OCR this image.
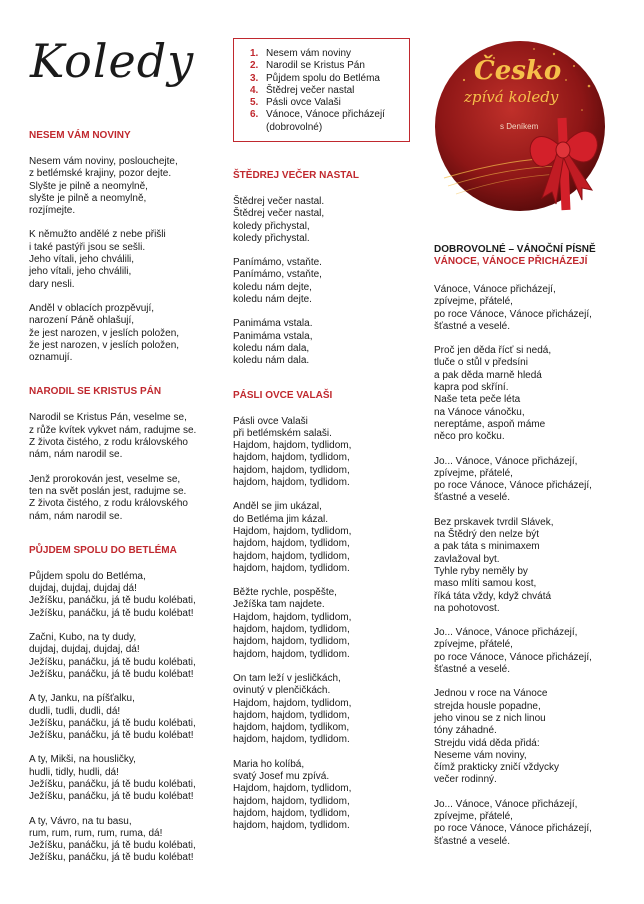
Koledy	1. Nesem vám noviny
2. Narodil se Kristus Pán
3. Půjdem spolu do Betléma
4. Štědrej večer nastal
5. Pásli ovce Valaši
6. Vánoce, Vánoce přicházejí (dobrovolné)
Česko
zpívá koledy
s Deníkem
NESEM VÁM NOVINY
Nesem vám noviny, poslouchejte,
z betlémské krajiny, pozor dejte.
Slyšte je pilně a neomylně,
slyšte je pilně a neomylně,
rozjímejte.
K němužto andělé z nebe přišli
i také pastýři jsou se sešli.
Jeho vítali, jeho chválili,
jeho vítali, jeho chválili,
dary nesli.
Anděl v oblacích prozpěvují,
narození Páně ohlašují,
že jest narozen, v jeslích položen,
že jest narozen, v jeslích položen,
oznamují.
NARODIL SE KRISTUS PÁN
Narodil se Kristus Pán, veselme se,
z růže kvítek vykvet nám, radujme se.
Z života čistého, z rodu královského
nám, nám narodil se.
Jenž prorokován jest, veselme se,
ten na svět poslán jest, radujme se.
Z života čistého, z rodu královského
nám, nám narodil se.
PŮJDEM SPOLU DO BETLÉMA
Půjdem spolu do Betléma,
dujdaj, dujdaj, dujdaj dá!
Ježíšku, panáčku, já tě budu kolébati,
Ježíšku, panáčku, já tě budu kolébat!
Začni, Kubo, na ty dudy,
dujdaj, dujdaj, dujdaj, dá!
Ježíšku, panáčku, já tě budu kolébati,
Ježíšku, panáčku, já tě budu kolébat!
A ty, Janku, na píšťalku,
dudli, tudli, dudli, dá!
Ježíšku, panáčku, já tě budu kolébati,
Ježíšku, panáčku, já tě budu kolébat!
A ty, Mikši, na housličky,
hudli, tidly, hudli, dá!
Ježíšku, panáčku, já tě budu kolébati,
Ježíšku, panáčku, já tě budu kolébat!
A ty, Vávro, na tu basu,
rum, rum, rum, rum, ruma, dá!
Ježíšku, panáčku, já tě budu kolébati,
Ježíšku, panáčku, já tě budu kolébat!
ŠTĚDREJ VEČER NASTAL
Štědrej večer nastal.
Štědrej večer nastal,
koledy přichystal,
koledy přichystal.
Panímámo, vstaňte.
Panímámo, vstaňte,
koledu nám dejte,
koledu nám dejte.
Panimáma vstala.
Panimáma vstala,
koledu nám dala,
koledu nám dala.
PÁSLI OVCE VALAŠI
Pásli ovce Valaši
při betlémském salaši.
Hajdom, hajdom, tydlidom,
hajdom, hajdom, tydlidom,
hajdom, hajdom, tydlidom,
hajdom, hajdom, tydlidom.
Anděl se jim ukázal,
do Betléma jim kázal.
Hajdom, hajdom, tydlidom,
hajdom, hajdom, tydlidom,
hajdom, hajdom, tydlidom,
hajdom, hajdom, tydlidom.
Běžte rychle, pospěšte,
Ježíška tam najdete.
Hajdom, hajdom, tydlidom,
hajdom, hajdom, tydlidom,
hajdom, hajdom, tydlidom,
hajdom, hajdom, tydlidom.
On tam leží v jesličkách,
ovinutý v plenčičkách.
Hajdom, hajdom, tydlidom,
hajdom, hajdom, tydlidom,
hajdom, hajdom, tydlikom,
hajdom, hajdom, tydlidom.
Maria ho kolíbá,
svatý Josef mu zpívá.
Hajdom, hajdom, tydlidom,
hajdom, hajdom, tydlidom,
hajdom, hajdom, tydlidom,
hajdom, hajdom, tydlidom.
DOBROVOLNÉ – VÁNOČNÍ PÍSNĚ
VÁNOCE, VÁNOCE PŘICHÁZEJÍ
Vánoce, Vánoce přicházejí,
zpívejme, přátelé,
po roce Vánoce, Vánoce přicházejí,
šťastné a veselé.
Proč jen děda řícť si nedá,
tluče o stůl v předsíni
a pak děda marně hledá
kapra pod skříní.
Naše teta peče léta
na Vánoce vánočku,
nereptáme, aspoň máme
něco pro kočku.
Jo... Vánoce, Vánoce přicházejí,
zpívejme, přátelé,
po roce Vánoce, Vánoce přicházejí,
šťastné a veselé.
Bez prskavek tvrdil Slávek,
na Štědrý den nelze být
a pak táta s minimaxem
zavlažoval byt.
Tyhle ryby neměly by
maso mlíti samou kost,
říká táta vždy, když chvátá
na pohotovost.
Jo... Vánoce, Vánoce přicházejí,
zpívejme, přátelé,
po roce Vánoce, Vánoce přicházejí,
šťastné a veselé.
Jednou v roce na Vánoce
strejda housle popadne,
jeho vinou se z nich linou
tóny záhadné.
Strejdu vidá děda přidá:
Neseme vám noviny,
čímž prakticky zničí vždycky
večer rodinný.
Jo... Vánoce, Vánoce přicházejí,
zpívejme, přátelé,
po roce Vánoce, Vánoce přicházejí,
šťastné a veselé.
